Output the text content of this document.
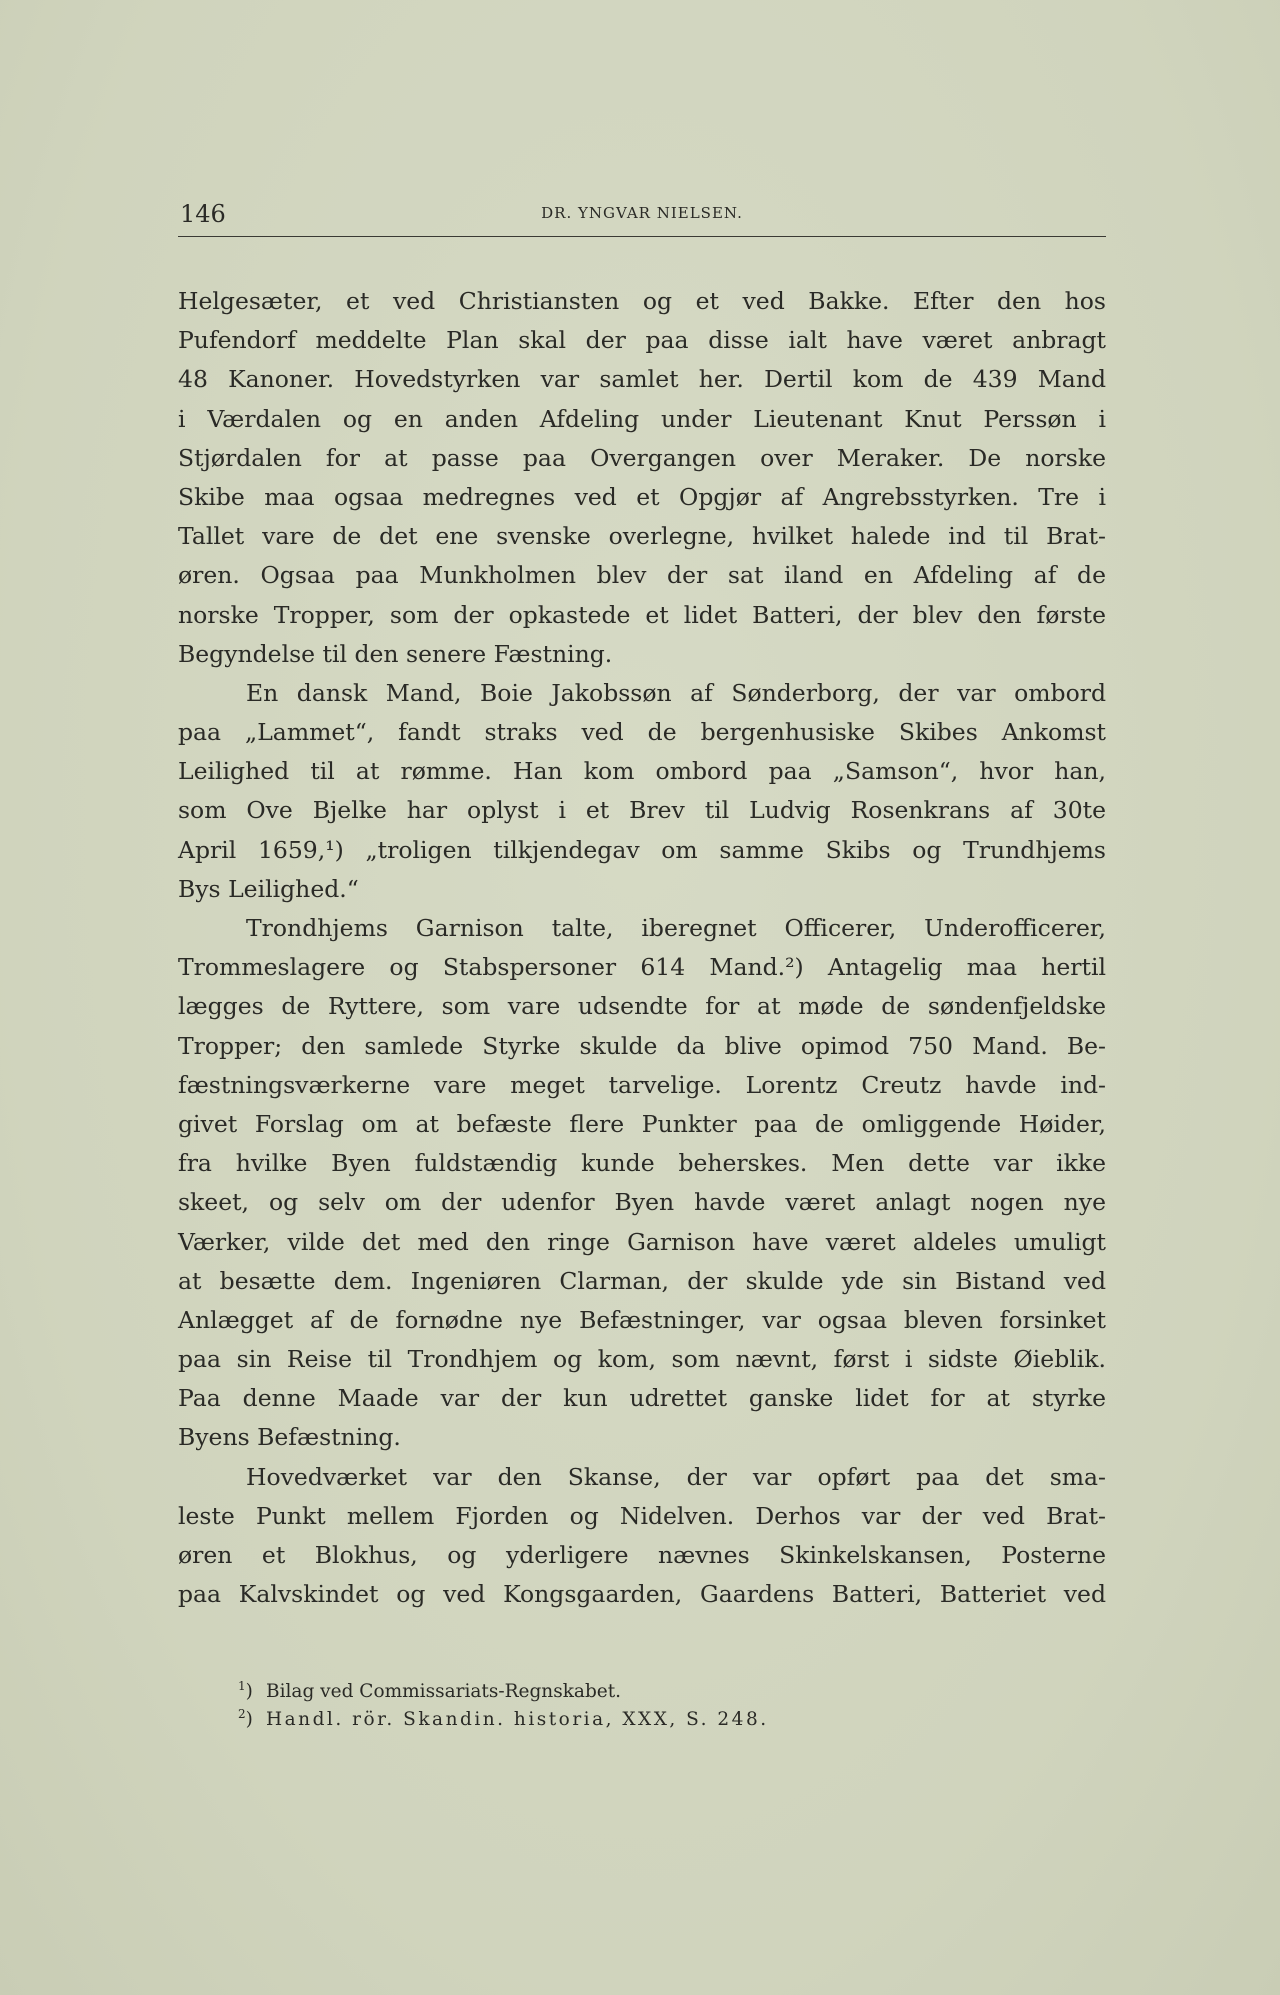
146	DR. YNGVAR NIELSEN.
Helgesæter, et ved Christiansten og et ved Bakke. Efter den hos
Pufendorf meddelte Plan skal der paa disse ialt have været anbragt
48 Kanoner. Hovedstyrken var samlet her. Dertil kom de 439 Mand
i Værdalen og en anden Afdeling under Lieutenant Knut Perssøn i
Stjørdalen for at passe paa Overgangen over Meraker. De norske
Skibe maa ogsaa medregnes ved et Opgjør af Angrebsstyrken. Tre i
Tallet vare de det ene svenske overlegne, hvilket halede ind til Brat-
øren. Ogsaa paa Munkholmen blev der sat iland en Afdeling af de
norske Tropper, som der opkastede et lidet Batteri, der blev den første
Begyndelse til den senere Fæstning.
En dansk Mand, Boie Jakobssøn af Sønderborg, der var ombord
paa „Lammet“, fandt straks ved de bergenhusiske Skibes Ankomst
Leilighed til at rømme. Han kom ombord paa „Samson“, hvor han,
som Ove Bjelke har oplyst i et Brev til Ludvig Rosenkrans af 30te
April 1659,¹) „troligen tilkjendegav om samme Skibs og Trundhjems
Bys Leilighed.“
Trondhjems Garnison talte, iberegnet Officerer, Underofficerer,
Trommeslagere og Stabspersoner 614 Mand.²) Antagelig maa hertil
lægges de Ryttere, som vare udsendte for at møde de søndenfjeldske
Tropper; den samlede Styrke skulde da blive opimod 750 Mand. Be-
fæstningsværkerne vare meget tarvelige. Lorentz Creutz havde ind-
givet Forslag om at befæste flere Punkter paa de omliggende Høider,
fra hvilke Byen fuldstændig kunde beherskes. Men dette var ikke
skeet, og selv om der udenfor Byen havde været anlagt nogen nye
Værker, vilde det med den ringe Garnison have været aldeles umuligt
at besætte dem. Ingeniøren Clarman, der skulde yde sin Bistand ved
Anlægget af de fornødne nye Befæstninger, var ogsaa bleven forsinket
paa sin Reise til Trondhjem og kom, som nævnt, først i sidste Øieblik.
Paa denne Maade var der kun udrettet ganske lidet for at styrke
Byens Befæstning.
Hovedværket var den Skanse, der var opført paa det sma-
leste Punkt mellem Fjorden og Nidelven. Derhos var der ved Brat-
øren et Blokhus, og yderligere nævnes Skinkelskansen, Posterne
paa Kalvskindet og ved Kongsgaarden, Gaardens Batteri, Batteriet ved
$^1$) Bilag ved Commissariats-Regnskabet.
$^2$) Handl. rör. Skandin. historia, XXX, S. 248.
